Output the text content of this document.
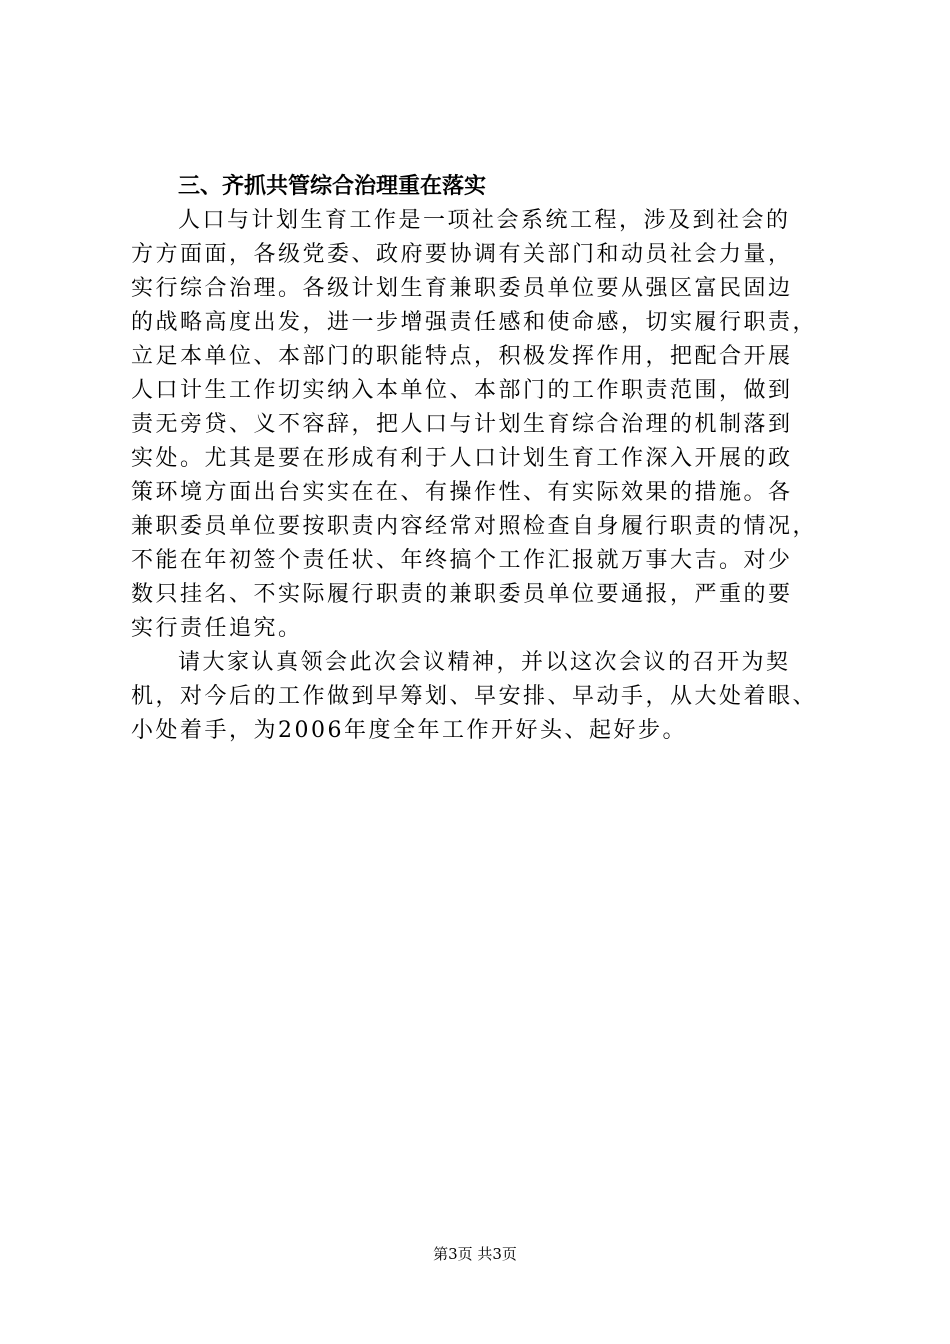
三、齐抓共管综合治理重在落实
人口与计划生育工作是一项社会系统工程，涉及到社会的
方方面面，各级党委、政府要协调有关部门和动员社会力量，
实行综合治理。各级计划生育兼职委员单位要从强区富民固边
的战略高度出发，进一步增强责任感和使命感，切实履行职责，
立足本单位、本部门的职能特点，积极发挥作用，把配合开展
人口计生工作切实纳入本单位、本部门的工作职责范围，做到
责无旁贷、义不容辞，把人口与计划生育综合治理的机制落到
实处。尤其是要在形成有利于人口计划生育工作深入开展的政
策环境方面出台实实在在、有操作性、有实际效果的措施。各
兼职委员单位要按职责内容经常对照检查自身履行职责的情况，
不能在年初签个责任状、年终搞个工作汇报就万事大吉。对少
数只挂名、不实际履行职责的兼职委员单位要通报，严重的要
实行责任追究。
请大家认真领会此次会议精神，并以这次会议的召开为契
机，对今后的工作做到早筹划、早安排、早动手，从大处着眼、
小处着手，为2006年度全年工作开好头、起好步。
第3页 共3页
